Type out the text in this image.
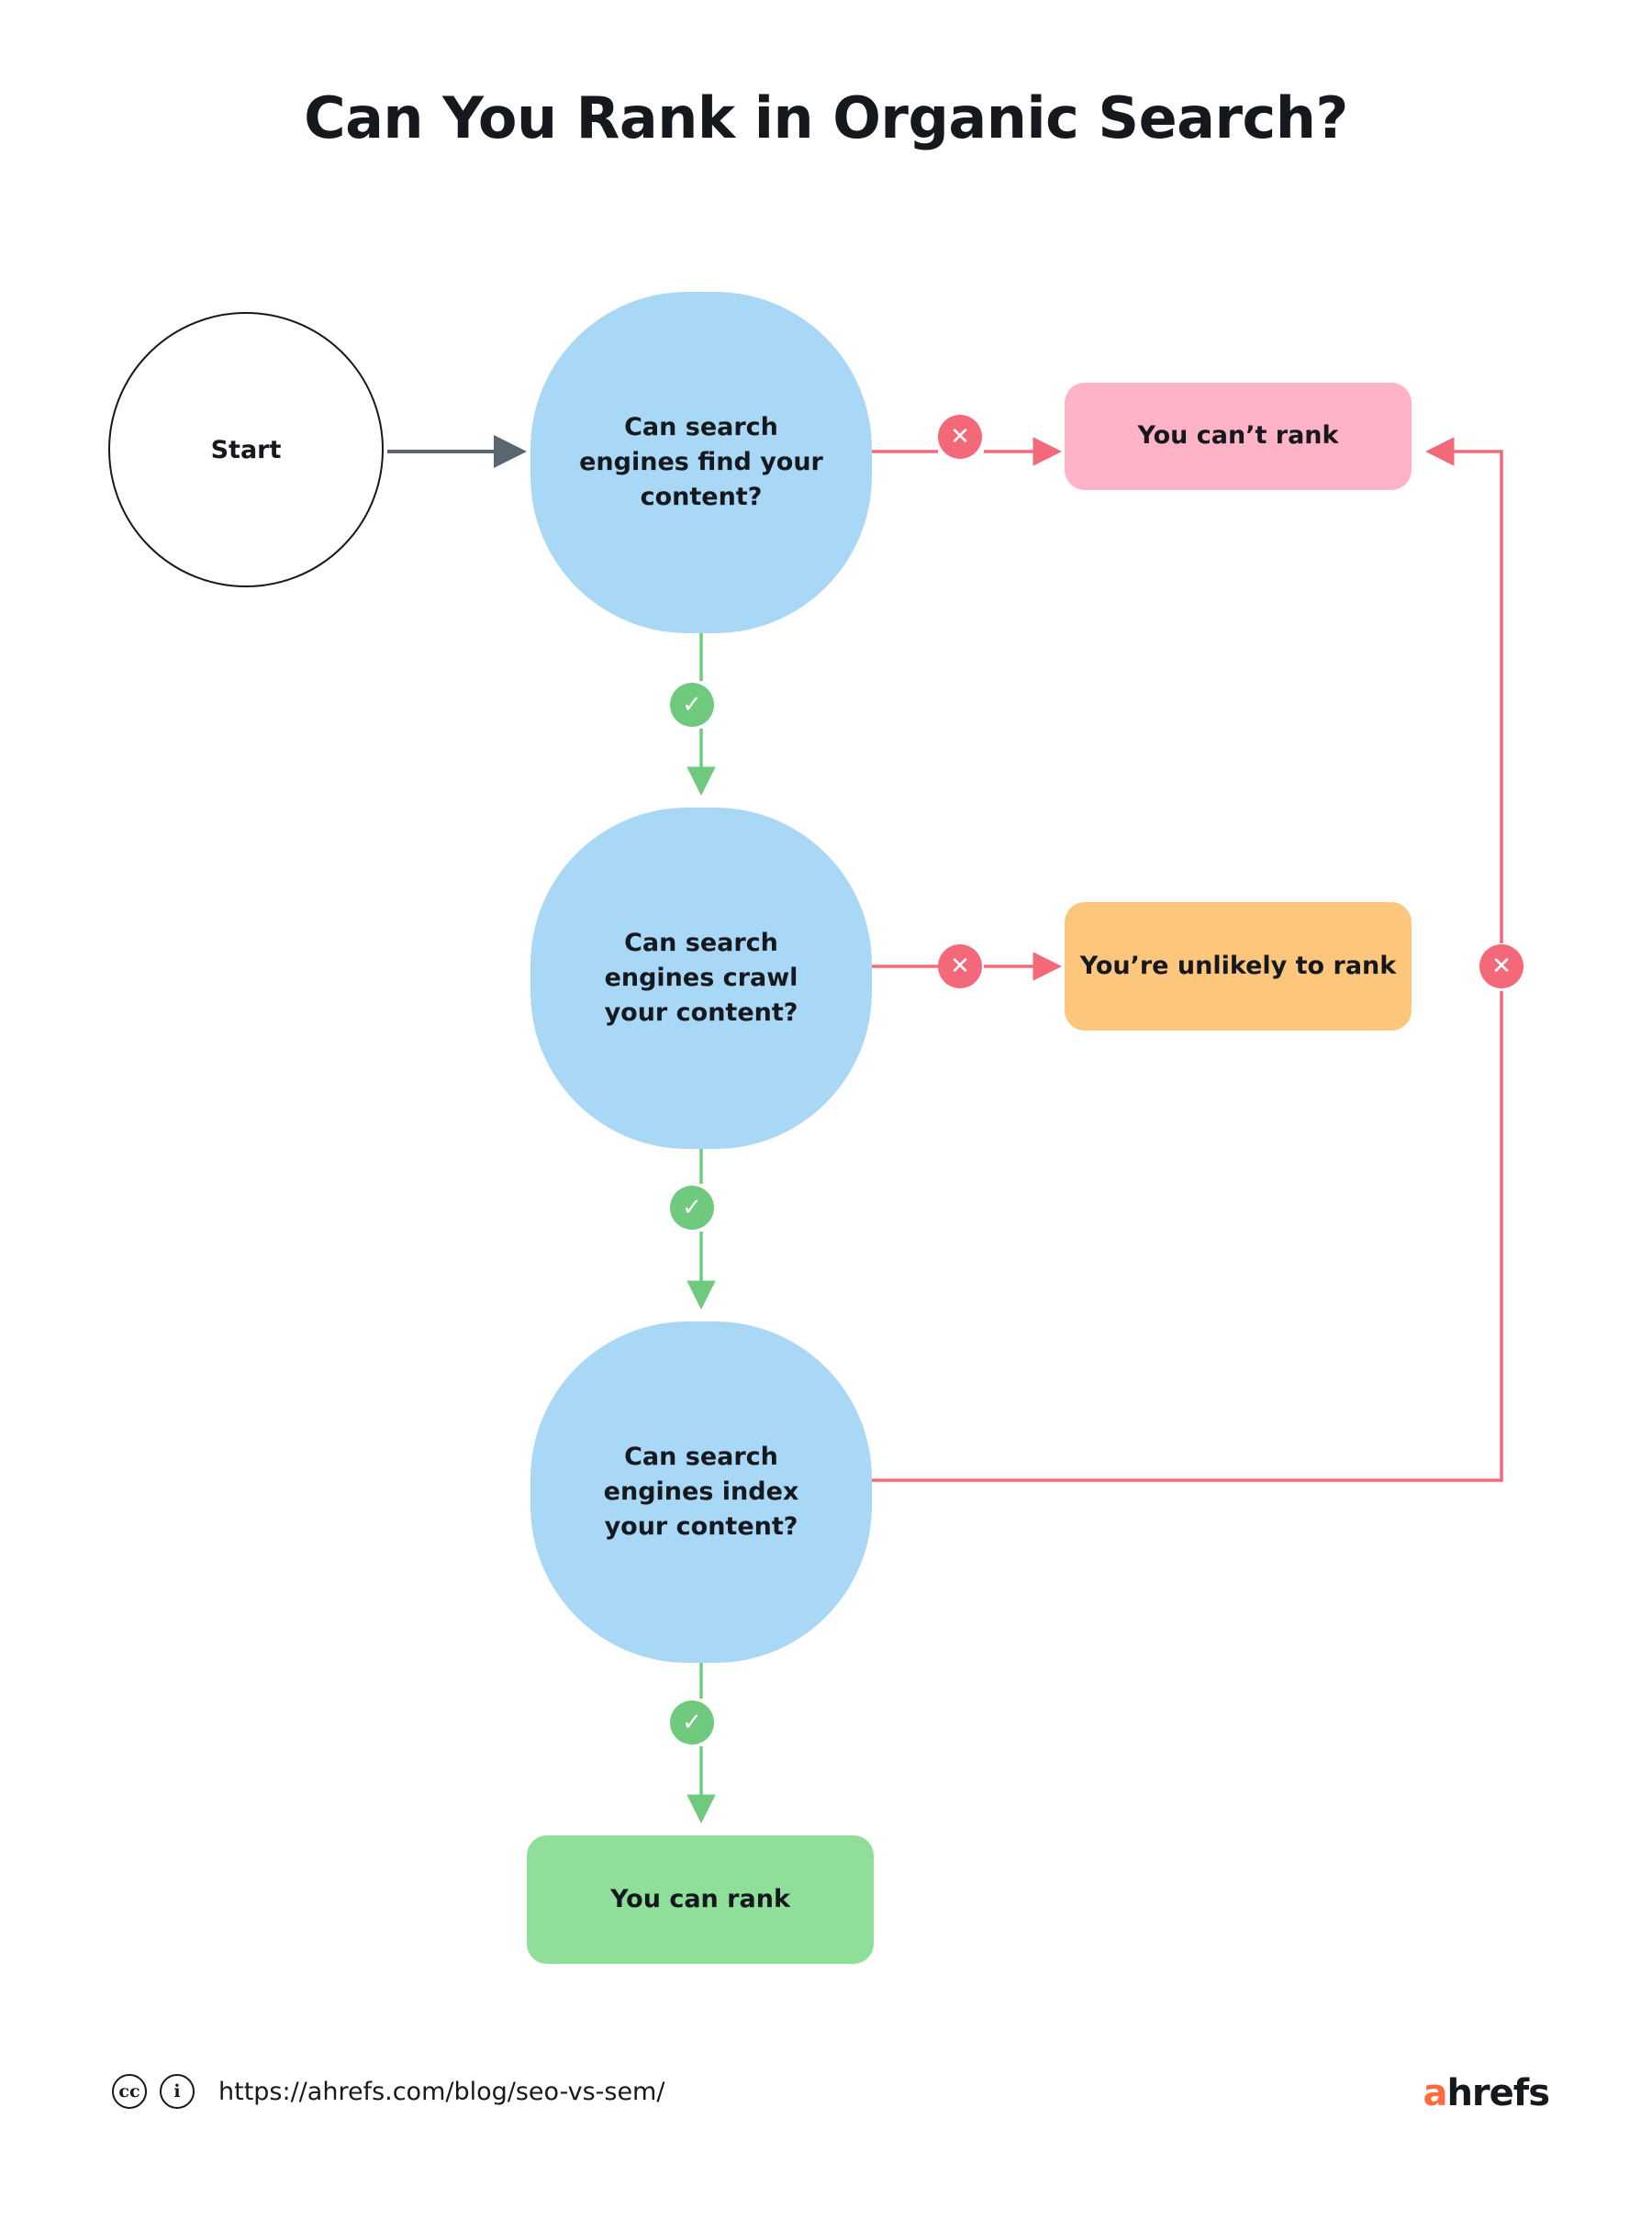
Can You Rank in Organic Search?
Start
Can search engines find your content?
Can search engines crawl your content?
Can search engines index your content?
You can’t rank
You’re unlikely to rank
You can rank
✕
✕	✕
✓
✓
✓
cc	i	https://ahrefs.com/blog/seo-vs-sem/	ahrefs
